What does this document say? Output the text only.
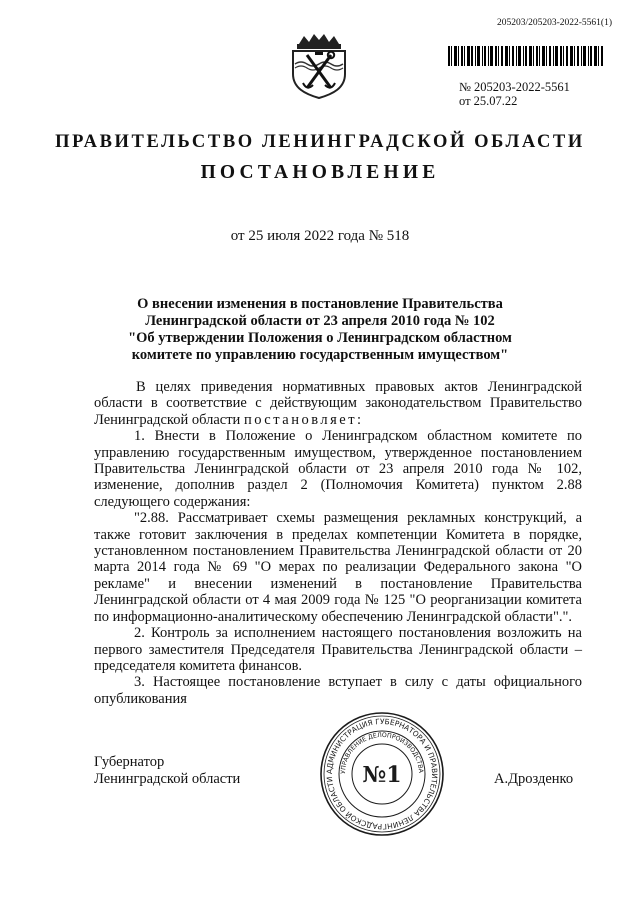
205203/205203-2022-5561(1)
№ 205203-2022-5561
от 25.07.22
ПРАВИТЕЛЬСТВО ЛЕНИНГРАДСКОЙ ОБЛАСТИ
ПОСТАНОВЛЕНИЕ
от 25 июля 2022 года № 518
О внесении изменения в постановление Правительства
Ленинградской области от 23 апреля 2010 года № 102
"Об утверждении Положения о Ленинградском областном
комитете по управлению государственным имуществом"

В целях приведения нормативных правовых актов Ленинградской области в соответствие с действующим законодательством Правительство Ленинградской области постановляет:

1. Внести в Положение о Ленинградском областном комитете по управлению государственным имуществом, утвержденное постановлением Правительства Ленинградской области от 23 апреля 2010 года № 102, изменение, дополнив раздел 2 (Полномочия Комитета) пунктом 2.88 следующего содержания:

"2.88. Рассматривает схемы размещения рекламных конструкций, а также готовит заключения в пределах компетенции Комитета в порядке, установленном постановлением Правительства Ленинградской области от 20 марта 2014 года № 69 "О мерах по реализации Федерального закона "О рекламе" и внесении изменений в постановление Правительства Ленинградской области от 4 мая 2009 года № 125 "О реорганизации комитета по информационно-аналитическому обеспечению Ленинградской области".".

2. Контроль за исполнением настоящего постановления возложить на первого заместителя Председателя Правительства Ленинградской области – председателя комитета финансов.

3. Настоящее постановление вступает в силу с даты официального опубликования

Губернатор
Ленинградской области	А.Дрозденко
АДМИНИСТРАЦИЯ ГУБЕРНАТОРА И ПРАВИТЕЛЬСТВА ЛЕНИНГРАДСКОЙ ОБЛАСТИ
УПРАВЛЕНИЕ ДЕЛОПРОИЗВОДСТВА
№1
